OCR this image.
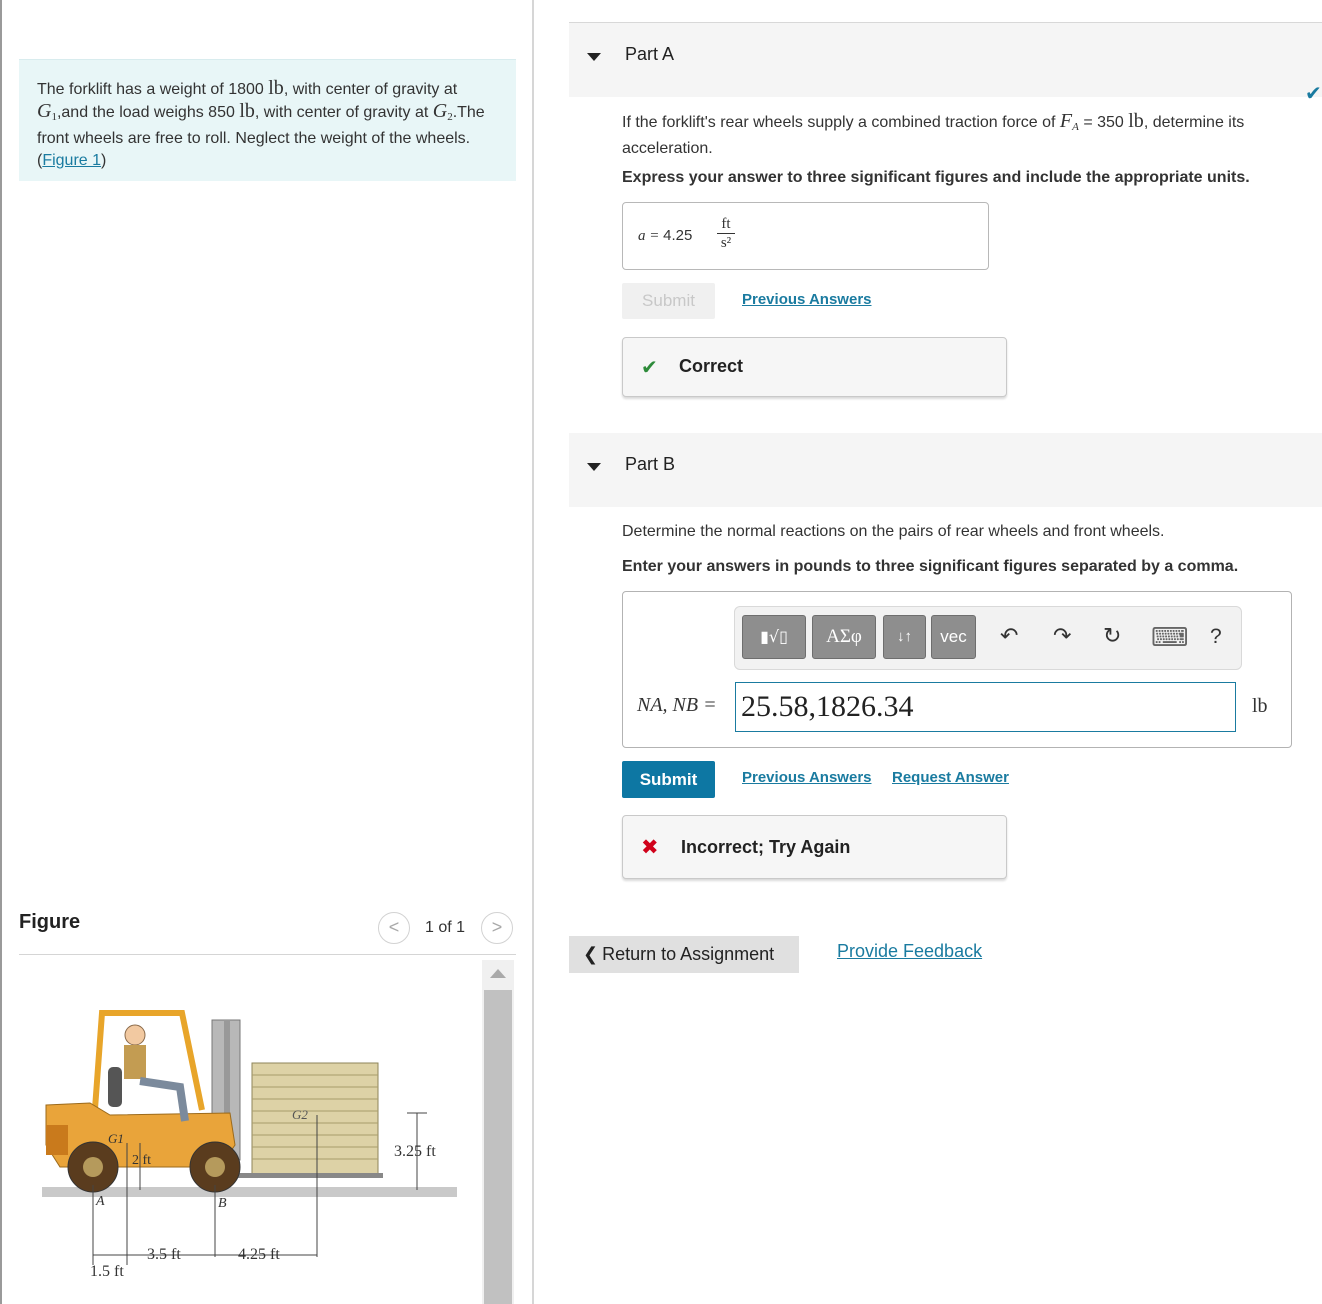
The forklift has a weight of 1800 lb, with center of gravity at $G_1,and$ the load weighs 850 lb, with center of gravity at $G_2.The$ front wheels are free to roll. Neglect the weight of the wheels. (Figure 1)
Figure	<	1 of 1	>
2 ft
G1
G2
3.25 ft
A	B
3.5 ft	4.25 ft
1.5 ft
Part A
✔
If the forklift's rear wheels supply a combined traction force of $F_A = 350$ lb, determine its acceleration.
Express your answer to three significant figures and include the appropriate units.
$a = 4.25 \frac{ft}{\text{s²}}$
Submit	Previous Answers
✔ Correct
Part B
Determine the normal reactions on the pairs of rear wheels and front wheels.
Enter your answers in pounds to three significant figures separated by a comma.
▮√▯	ΑΣφ	↓↑	vec	↶ ↷ ↻ ⌨ ?
NA, NB = 25.58,1826.34	lb
Submit	Previous Answers Request Answer
✖ Incorrect; Try Again
❮ Return to Assignment	Provide Feedback
